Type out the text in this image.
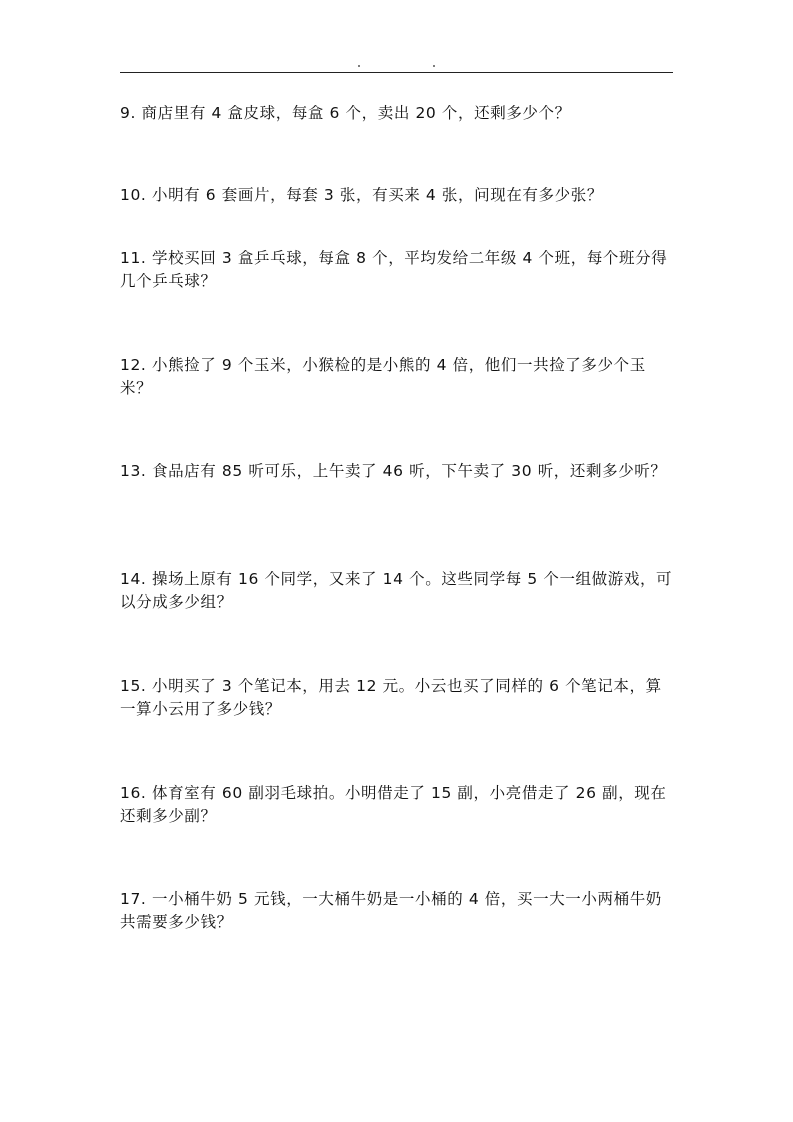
9. 商店里有 4 盒皮球，每盒 6 个，卖出 20 个，还剩多少个？

10. 小明有 6 套画片，每套 3 张，有买来 4 张，问现在有多少张？

11. 学校买回 3 盒乒乓球，每盒 8 个，平均发给二年级 4 个班，每个班分得几个乒乓球？

12. 小熊捡了 9 个玉米，小猴检的是小熊的 4 倍，他们一共捡了多少个玉米？

13. 食品店有 85 听可乐，上午卖了 46 听，下午卖了 30 听，还剩多少听？

14. 操场上原有 16 个同学，又来了 14 个。这些同学每 5 个一组做游戏，可以分成多少组？

15. 小明买了 3 个笔记本，用去 12 元。小云也买了同样的 6 个笔记本，算一算小云用了多少钱？

16. 体育室有 60 副羽毛球拍。小明借走了 15 副，小亮借走了 26 副，现在还剩多少副？

17. 一小桶牛奶 5 元钱，一大桶牛奶是一小桶的 4 倍，买一大一小两桶牛奶共需要多少钱？
